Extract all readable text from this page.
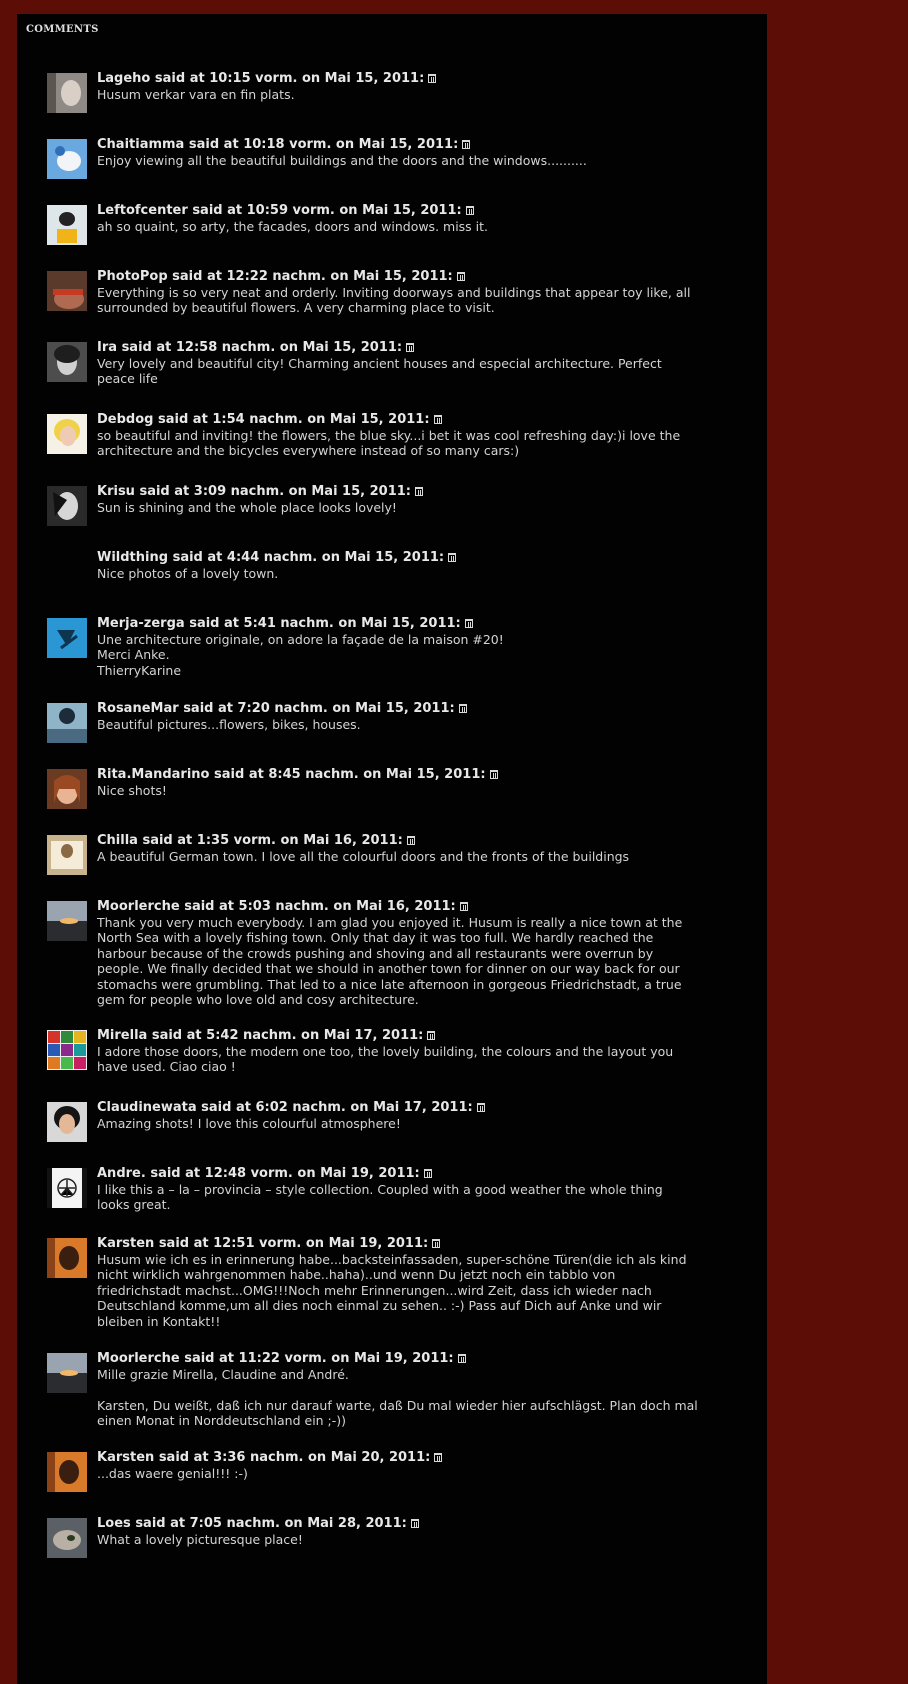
COMMENTS
Lageho said at 10:15 vorm. on Mai 15, 2011:
Husum verkar vara en fin plats.
Chaitiamma said at 10:18 vorm. on Mai 15, 2011:
Enjoy viewing all the beautiful buildings and the doors and the windows..........
Leftofcenter said at 10:59 vorm. on Mai 15, 2011:
ah so quaint, so arty, the facades, doors and windows. miss it.
PhotoPop said at 12:22 nachm. on Mai 15, 2011:
Everything is so very neat and orderly. Inviting doorways and buildings that appear toy like, all
surrounded by beautiful flowers. A very charming place to visit.
Ira said at 12:58 nachm. on Mai 15, 2011:
Very lovely and beautiful city! Charming ancient houses and especial architecture. Perfect
peace life
Debdog said at 1:54 nachm. on Mai 15, 2011:
so beautiful and inviting! the flowers, the blue sky...i bet it was cool refreshing day:)i love the
architecture and the bicycles everywhere instead of so many cars:)
Krisu said at 3:09 nachm. on Mai 15, 2011:
Sun is shining and the whole place looks lovely!
Wildthing said at 4:44 nachm. on Mai 15, 2011:
Nice photos of a lovely town.
Merja-zerga said at 5:41 nachm. on Mai 15, 2011:
Une architecture originale, on adore la façade de la maison #20!
Merci Anke.
ThierryKarine
RosaneMar said at 7:20 nachm. on Mai 15, 2011:
Beautiful pictures...flowers, bikes, houses.
Rita.Mandarino said at 8:45 nachm. on Mai 15, 2011:
Nice shots!
Chilla said at 1:35 vorm. on Mai 16, 2011:
A beautiful German town. I love all the colourful doors and the fronts of the buildings
Moorlerche said at 5:03 nachm. on Mai 16, 2011:
Thank you very much everybody. I am glad you enjoyed it. Husum is really a nice town at the
North Sea with a lovely fishing town. Only that day it was too full. We hardly reached the
harbour because of the crowds pushing and shoving and all restaurants were overrun by
people. We finally decided that we should in another town for dinner on our way back for our
stomachs were grumbling. That led to a nice late afternoon in gorgeous Friedrichstadt, a true
gem for people who love old and cosy architecture.
Mirella said at 5:42 nachm. on Mai 17, 2011:
I adore those doors, the modern one too, the lovely building, the colours and the layout you
have used. Ciao ciao !
Claudinewata said at 6:02 nachm. on Mai 17, 2011:
Amazing shots! I love this colourful atmosphere!
Andre. said at 12:48 vorm. on Mai 19, 2011:
I like this a – la – provincia – style collection. Coupled with a good weather the whole thing
looks great.
Karsten said at 12:51 vorm. on Mai 19, 2011:
Husum wie ich es in erinnerung habe...backsteinfassaden, super-schöne Türen(die ich als kind
nicht wirklich wahrgenommen habe..haha)..und wenn Du jetzt noch ein tabblo von
friedrichstadt machst...OMG!!!Noch mehr Erinnerungen...wird Zeit, dass ich wieder nach
Deutschland komme,um all dies noch einmal zu sehen.. :-) Pass auf Dich auf Anke und wir
bleiben in Kontakt!!
Moorlerche said at 11:22 vorm. on Mai 19, 2011:
Mille grazie Mirella, Claudine and André.

Karsten, Du weißt, daß ich nur darauf warte, daß Du mal wieder hier aufschlägst. Plan doch mal
einen Monat in Norddeutschland ein ;-))
Karsten said at 3:36 nachm. on Mai 20, 2011:
...das waere genial!!! :-)
Loes said at 7:05 nachm. on Mai 28, 2011:
What a lovely picturesque place!
